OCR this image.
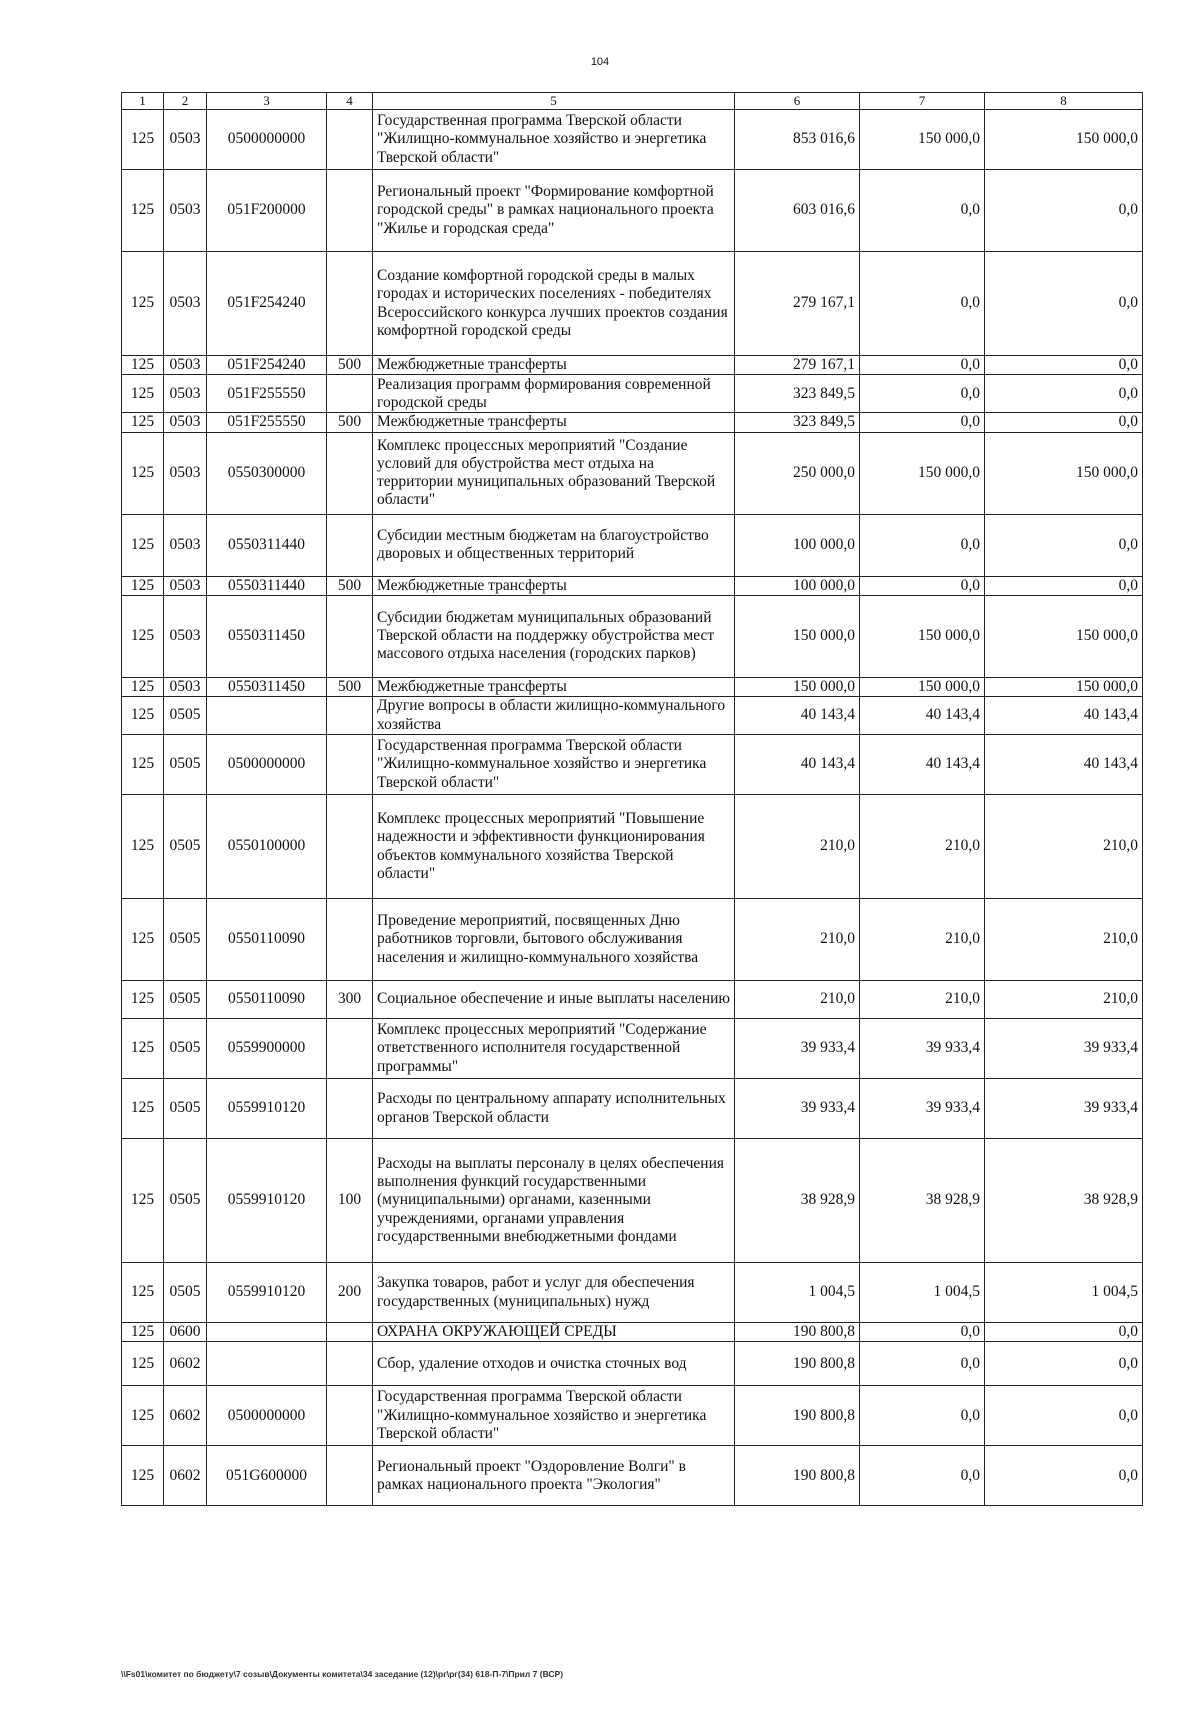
104
1	2	3	4	5	6	7	8
125	0503	0500000000		Государственная программа Тверской области "Жилищно-коммунальное хозяйство и энергетика Тверской области"	853 016,6	150 000,0	150 000,0
125	0503	051F200000		Региональный проект "Формирование комфортной городской среды" в рамках национального проекта "Жилье и городская среда"	603 016,6	0,0	0,0
125	0503	051F254240		Создание комфортной городской среды в малых городах и исторических поселениях - победителях Всероссийского конкурса лучших проектов создания комфортной городской среды	279 167,1	0,0	0,0
125	0503	051F254240	500	Межбюджетные трансферты	279 167,1	0,0	0,0
125	0503	051F255550		Реализация программ формирования современной городской среды	323 849,5	0,0	0,0
125	0503	051F255550	500	Межбюджетные трансферты	323 849,5	0,0	0,0
125	0503	0550300000		Комплекс процессных мероприятий "Создание условий для обустройства мест отдыха на территории муниципальных образований Тверской области"	250 000,0	150 000,0	150 000,0
125	0503	0550311440		Субсидии местным бюджетам на благоустройство дворовых и общественных территорий	100 000,0	0,0	0,0
125	0503	0550311440	500	Межбюджетные трансферты	100 000,0	0,0	0,0
125	0503	0550311450		Субсидии бюджетам муниципальных образований Тверской области на поддержку обустройства мест массового отдыха населения (городских парков)	150 000,0	150 000,0	150 000,0
125	0503	0550311450	500	Межбюджетные трансферты	150 000,0	150 000,0	150 000,0
125	0505			Другие вопросы в области жилищно-коммунального хозяйства	40 143,4	40 143,4	40 143,4
125	0505	0500000000		Государственная программа Тверской области "Жилищно-коммунальное хозяйство и энергетика Тверской области"	40 143,4	40 143,4	40 143,4
125	0505	0550100000		Комплекс процессных мероприятий "Повышение надежности и эффективности функционирования объектов коммунального хозяйства Тверской области"	210,0	210,0	210,0
125	0505	0550110090		Проведение мероприятий, посвященных Дню работников торговли, бытового обслуживания населения и жилищно-коммунального хозяйства	210,0	210,0	210,0
125	0505	0550110090	300	Социальное обеспечение и иные выплаты населению	210,0	210,0	210,0
125	0505	0559900000		Комплекс процессных мероприятий "Содержание ответственного исполнителя государственной программы"	39 933,4	39 933,4	39 933,4
125	0505	0559910120		Расходы по центральному аппарату исполнительных органов Тверской области	39 933,4	39 933,4	39 933,4
125	0505	0559910120	100	Расходы на выплаты персоналу в целях обеспечения выполнения функций государственными (муниципальными) органами, казенными учреждениями, органами управления государственными внебюджетными фондами	38 928,9	38 928,9	38 928,9
125	0505	0559910120	200	Закупка товаров, работ и услуг для обеспечения государственных (муниципальных) нужд	1 004,5	1 004,5	1 004,5
125	0600			ОХРАНА ОКРУЖАЮЩЕЙ СРЕДЫ	190 800,8	0,0	0,0
125	0602			Сбор, удаление отходов и очистка сточных вод	190 800,8	0,0	0,0
125	0602	0500000000		Государственная программа Тверской области "Жилищно-коммунальное хозяйство и энергетика Тверской области"	190 800,8	0,0	0,0
125	0602	051G600000		Региональный проект "Оздоровление Волги" в рамках национального проекта "Экология"	190 800,8	0,0	0,0
\\Fs01\комитет по бюджету\7 созыв\Документы комитета\34 заседание (12)\рг\рг(34) 618-П-7\Прил 7 (ВСР)
